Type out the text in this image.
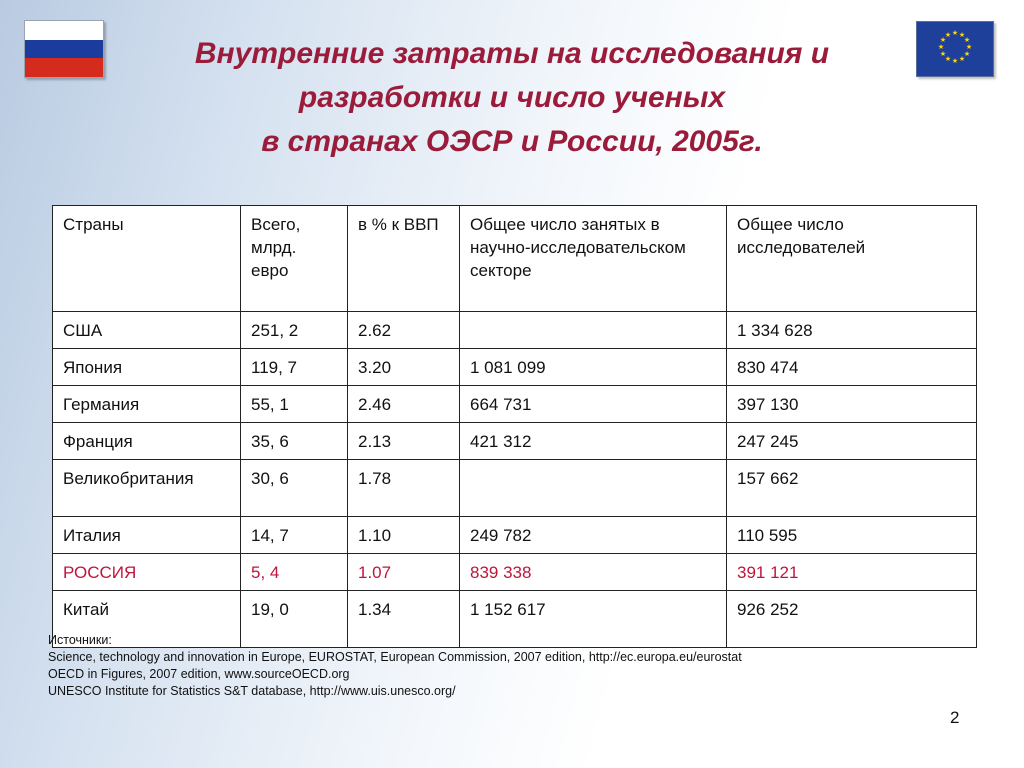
★ ★
★
★
★
★
★
★
★
★
★
★
Внутренние затраты на исследования и
разработки и число ученых
в странах ОЭСР и России, 2005г.
Страны	Всего, млрд. евро	в % к ВВП	Общее число занятых в научно-исследовательском секторе	Общее число исследователей
США	251, 2	2.62		1 334 628
Япония	119, 7	3.20	1 081 099	830 474
Германия	55, 1	2.46	664 731	397 130
Франция	35, 6	2.13	421 312	247 245
Великобритания	30, 6	1.78		157 662
Италия	14, 7	1.10	249 782	110 595
РОССИЯ	5, 4	1.07	839 338	391 121
Китай	19, 0	1.34	1 152 617	926 252
Источники:
Science, technology and innovation in Europe, EUROSTAT, European Commission, 2007 edition, http://ec.europa.eu/eurostat
OECD in Figures, 2007 edition, www.sourceOECD.org
UNESCO Institute for Statistics S&T database, http://www.uis.unesco.org/
2
